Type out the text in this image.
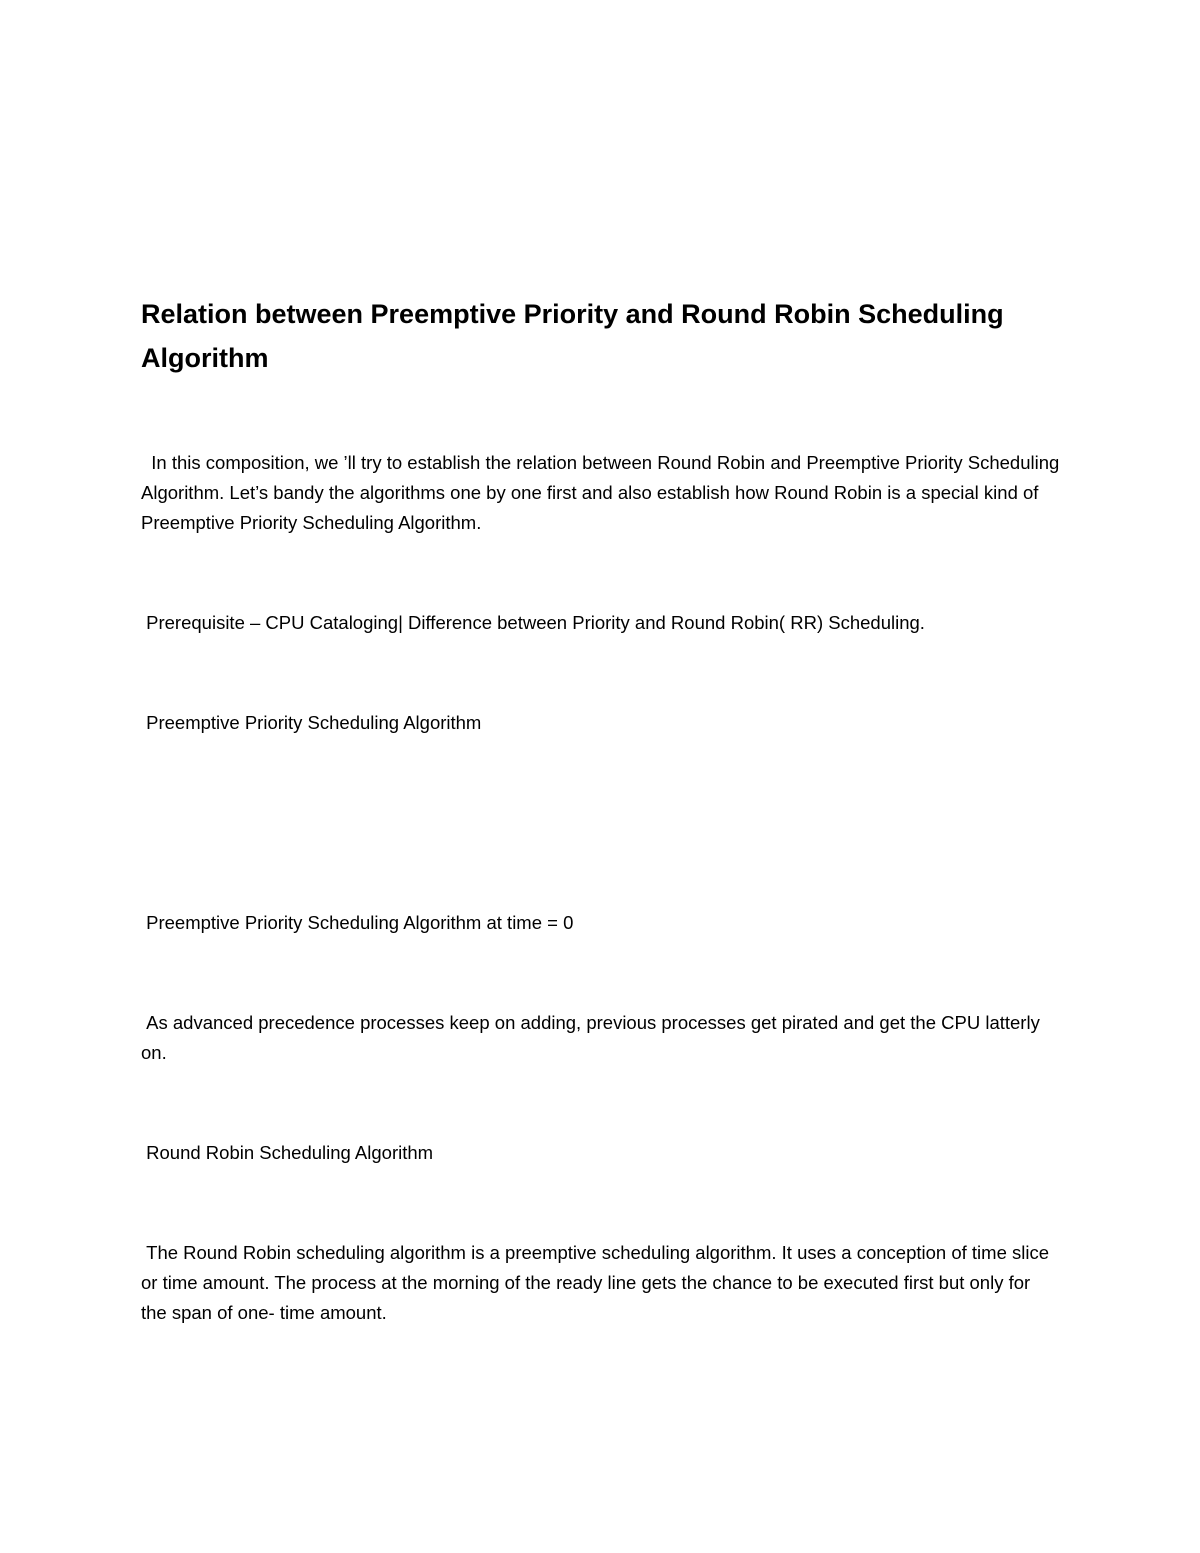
Relation between Preemptive Priority and Round Robin Scheduling Algorithm

In this composition, we ’ll try to establish the relation between Round Robin and Preemptive Priority Scheduling Algorithm. Let’s bandy the algorithms one by one first and also establish how Round Robin is a special kind of Preemptive Priority Scheduling Algorithm.

Prerequisite – CPU Cataloging| Difference between Priority and Round Robin( RR) Scheduling.

Preemptive Priority Scheduling Algorithm

Preemptive Priority Scheduling Algorithm at time = 0

As advanced precedence processes keep on adding, previous processes get pirated and get the CPU latterly on.

Round Robin Scheduling Algorithm

The Round Robin scheduling algorithm is a preemptive scheduling algorithm. It uses a conception of time slice or time amount. The process at the morning of the ready line gets the chance to be executed first but only for the span of one- time amount.
